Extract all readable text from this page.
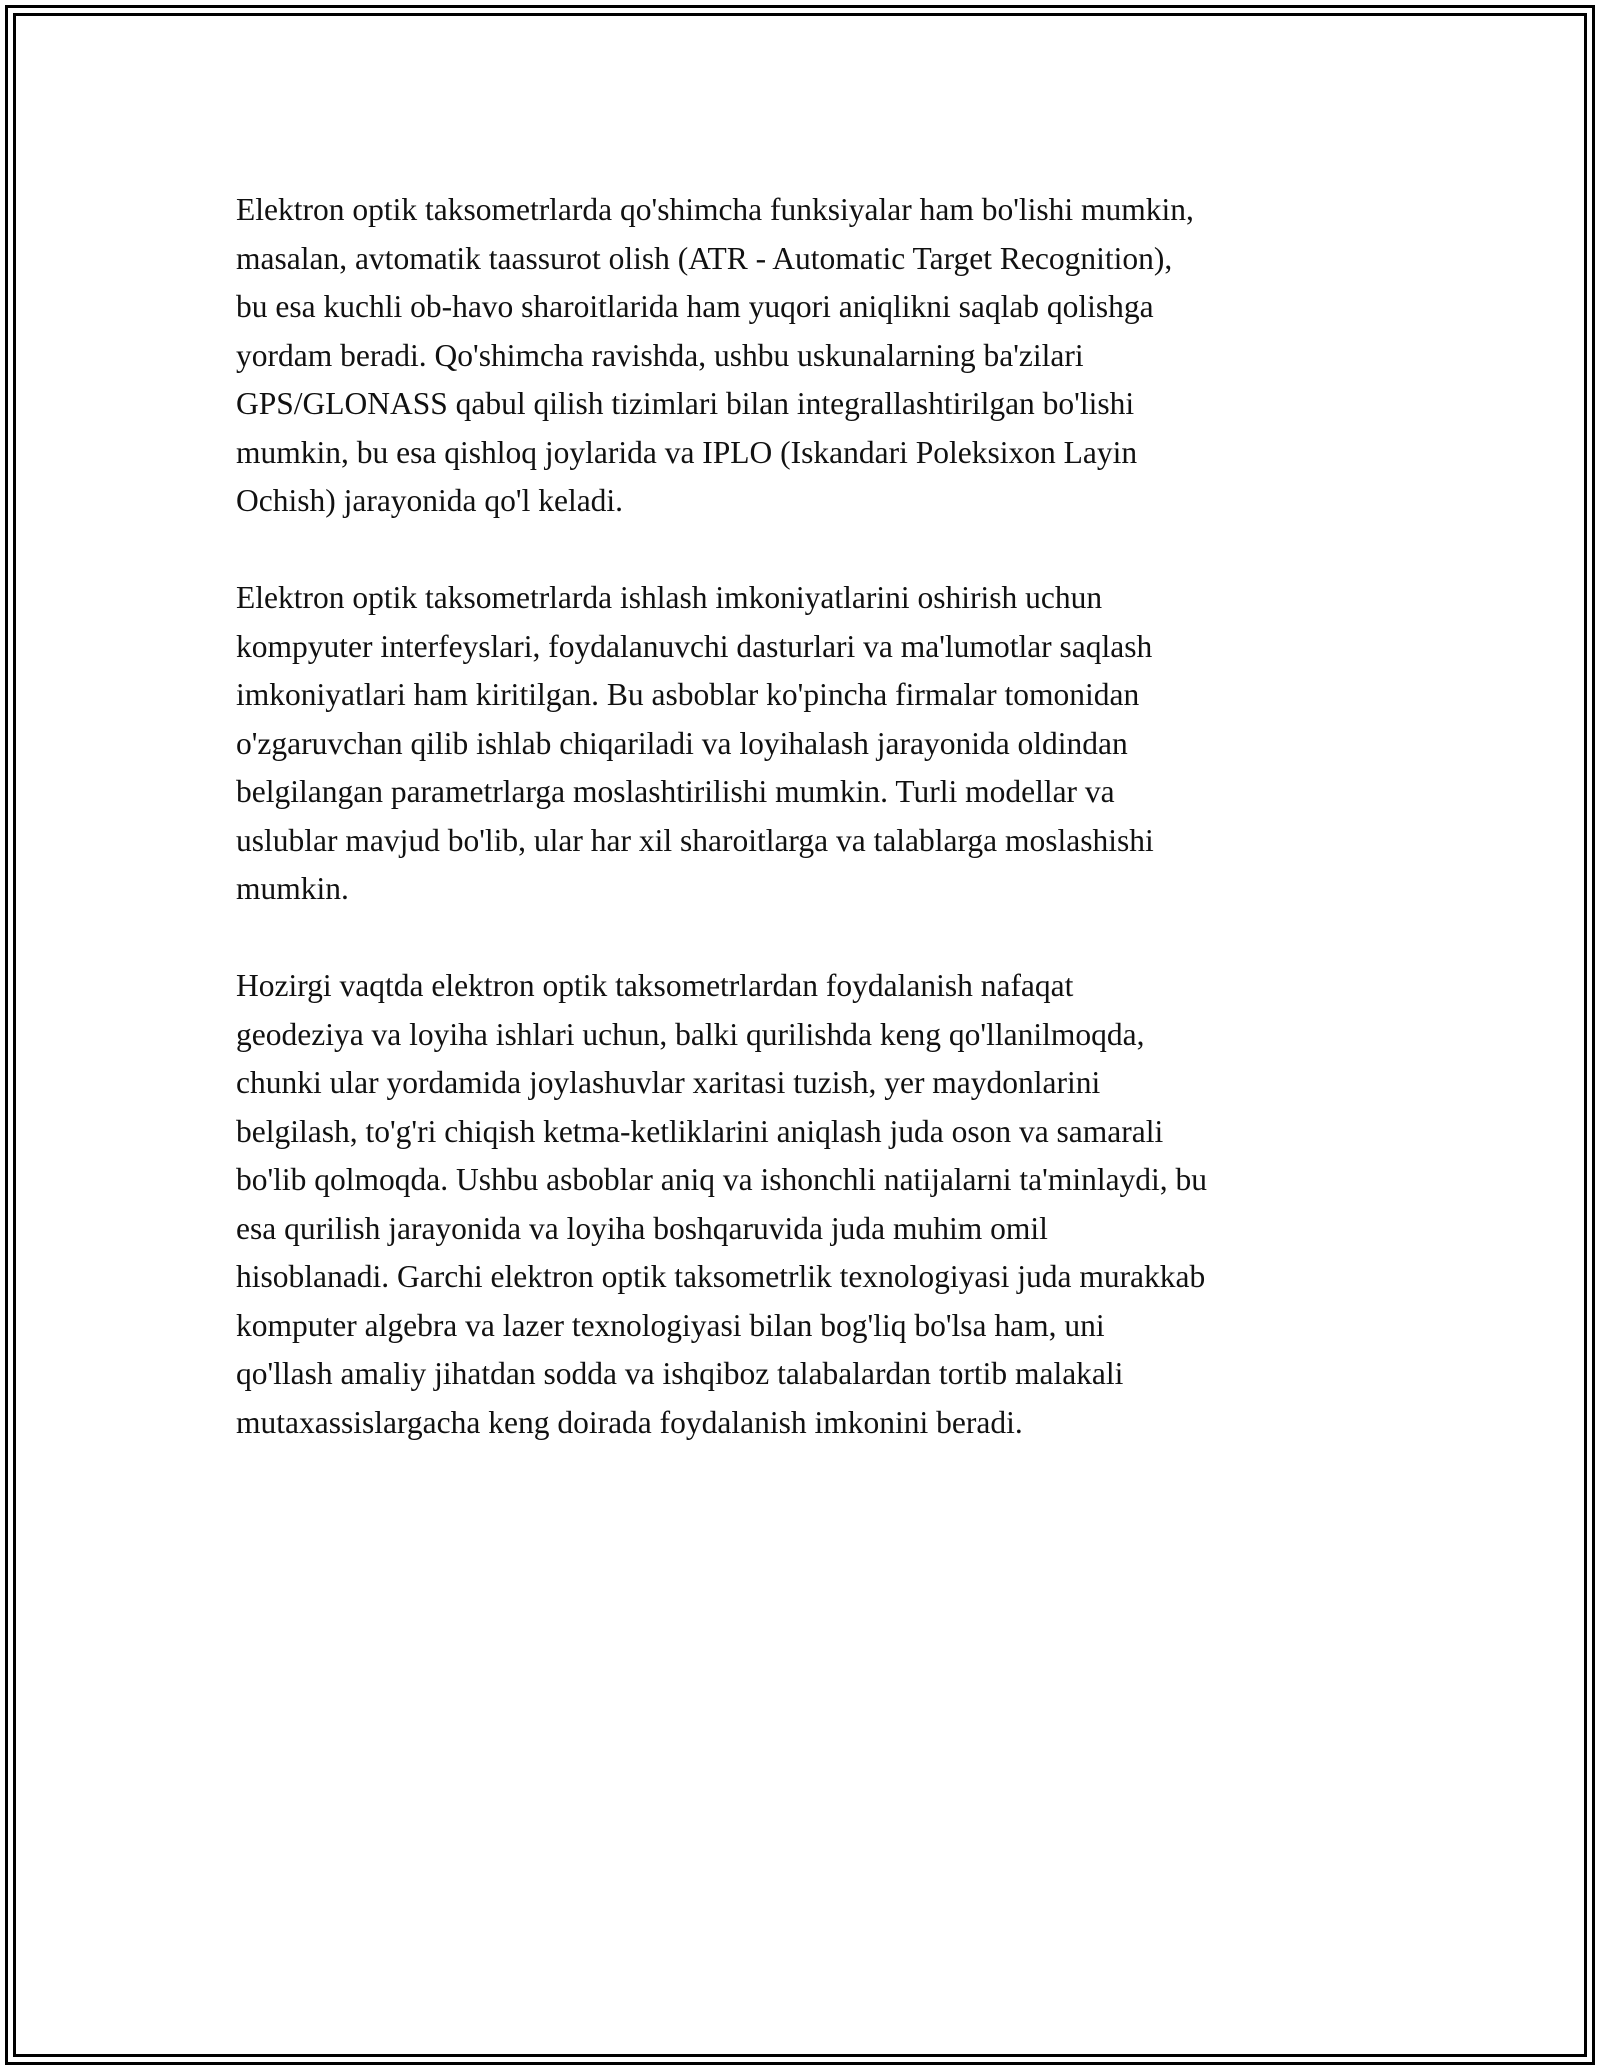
Elektron optik taksometrlarda qo'shimcha funksiyalar ham bo'lishi mumkin,
masalan, avtomatik taassurot olish (ATR - Automatic Target Recognition),
bu esa kuchli ob-havo sharoitlarida ham yuqori aniqlikni saqlab qolishga
yordam beradi. Qo'shimcha ravishda, ushbu uskunalarning ba'zilari
GPS/GLONASS qabul qilish tizimlari bilan integrallashtirilgan bo'lishi
mumkin, bu esa qishloq joylarida va IPLO (Iskandari Poleksixon Layin
Ochish) jarayonida qo'l keladi.

Elektron optik taksometrlarda ishlash imkoniyatlarini oshirish uchun
kompyuter interfeyslari, foydalanuvchi dasturlari va ma'lumotlar saqlash
imkoniyatlari ham kiritilgan. Bu asboblar ko'pincha firmalar tomonidan
o'zgaruvchan qilib ishlab chiqariladi va loyihalash jarayonida oldindan
belgilangan parametrlarga moslashtirilishi mumkin. Turli modellar va
uslublar mavjud bo'lib, ular har xil sharoitlarga va talablarga moslashishi
mumkin.

Hozirgi vaqtda elektron optik taksometrlardan foydalanish nafaqat
geodeziya va loyiha ishlari uchun, balki qurilishda keng qo'llanilmoqda,
chunki ular yordamida joylashuvlar xaritasi tuzish, yer maydonlarini
belgilash, to'g'ri chiqish ketma-ketliklarini aniqlash juda oson va samarali
bo'lib qolmoqda. Ushbu asboblar aniq va ishonchli natijalarni ta'minlaydi, bu
esa qurilish jarayonida va loyiha boshqaruvida juda muhim omil
hisoblanadi. Garchi elektron optik taksometrlik texnologiyasi juda murakkab
komputer algebra va lazer texnologiyasi bilan bog'liq bo'lsa ham, uni
qo'llash amaliy jihatdan sodda va ishqiboz talabalardan tortib malakali
mutaxassislargacha keng doirada foydalanish imkonini beradi.
